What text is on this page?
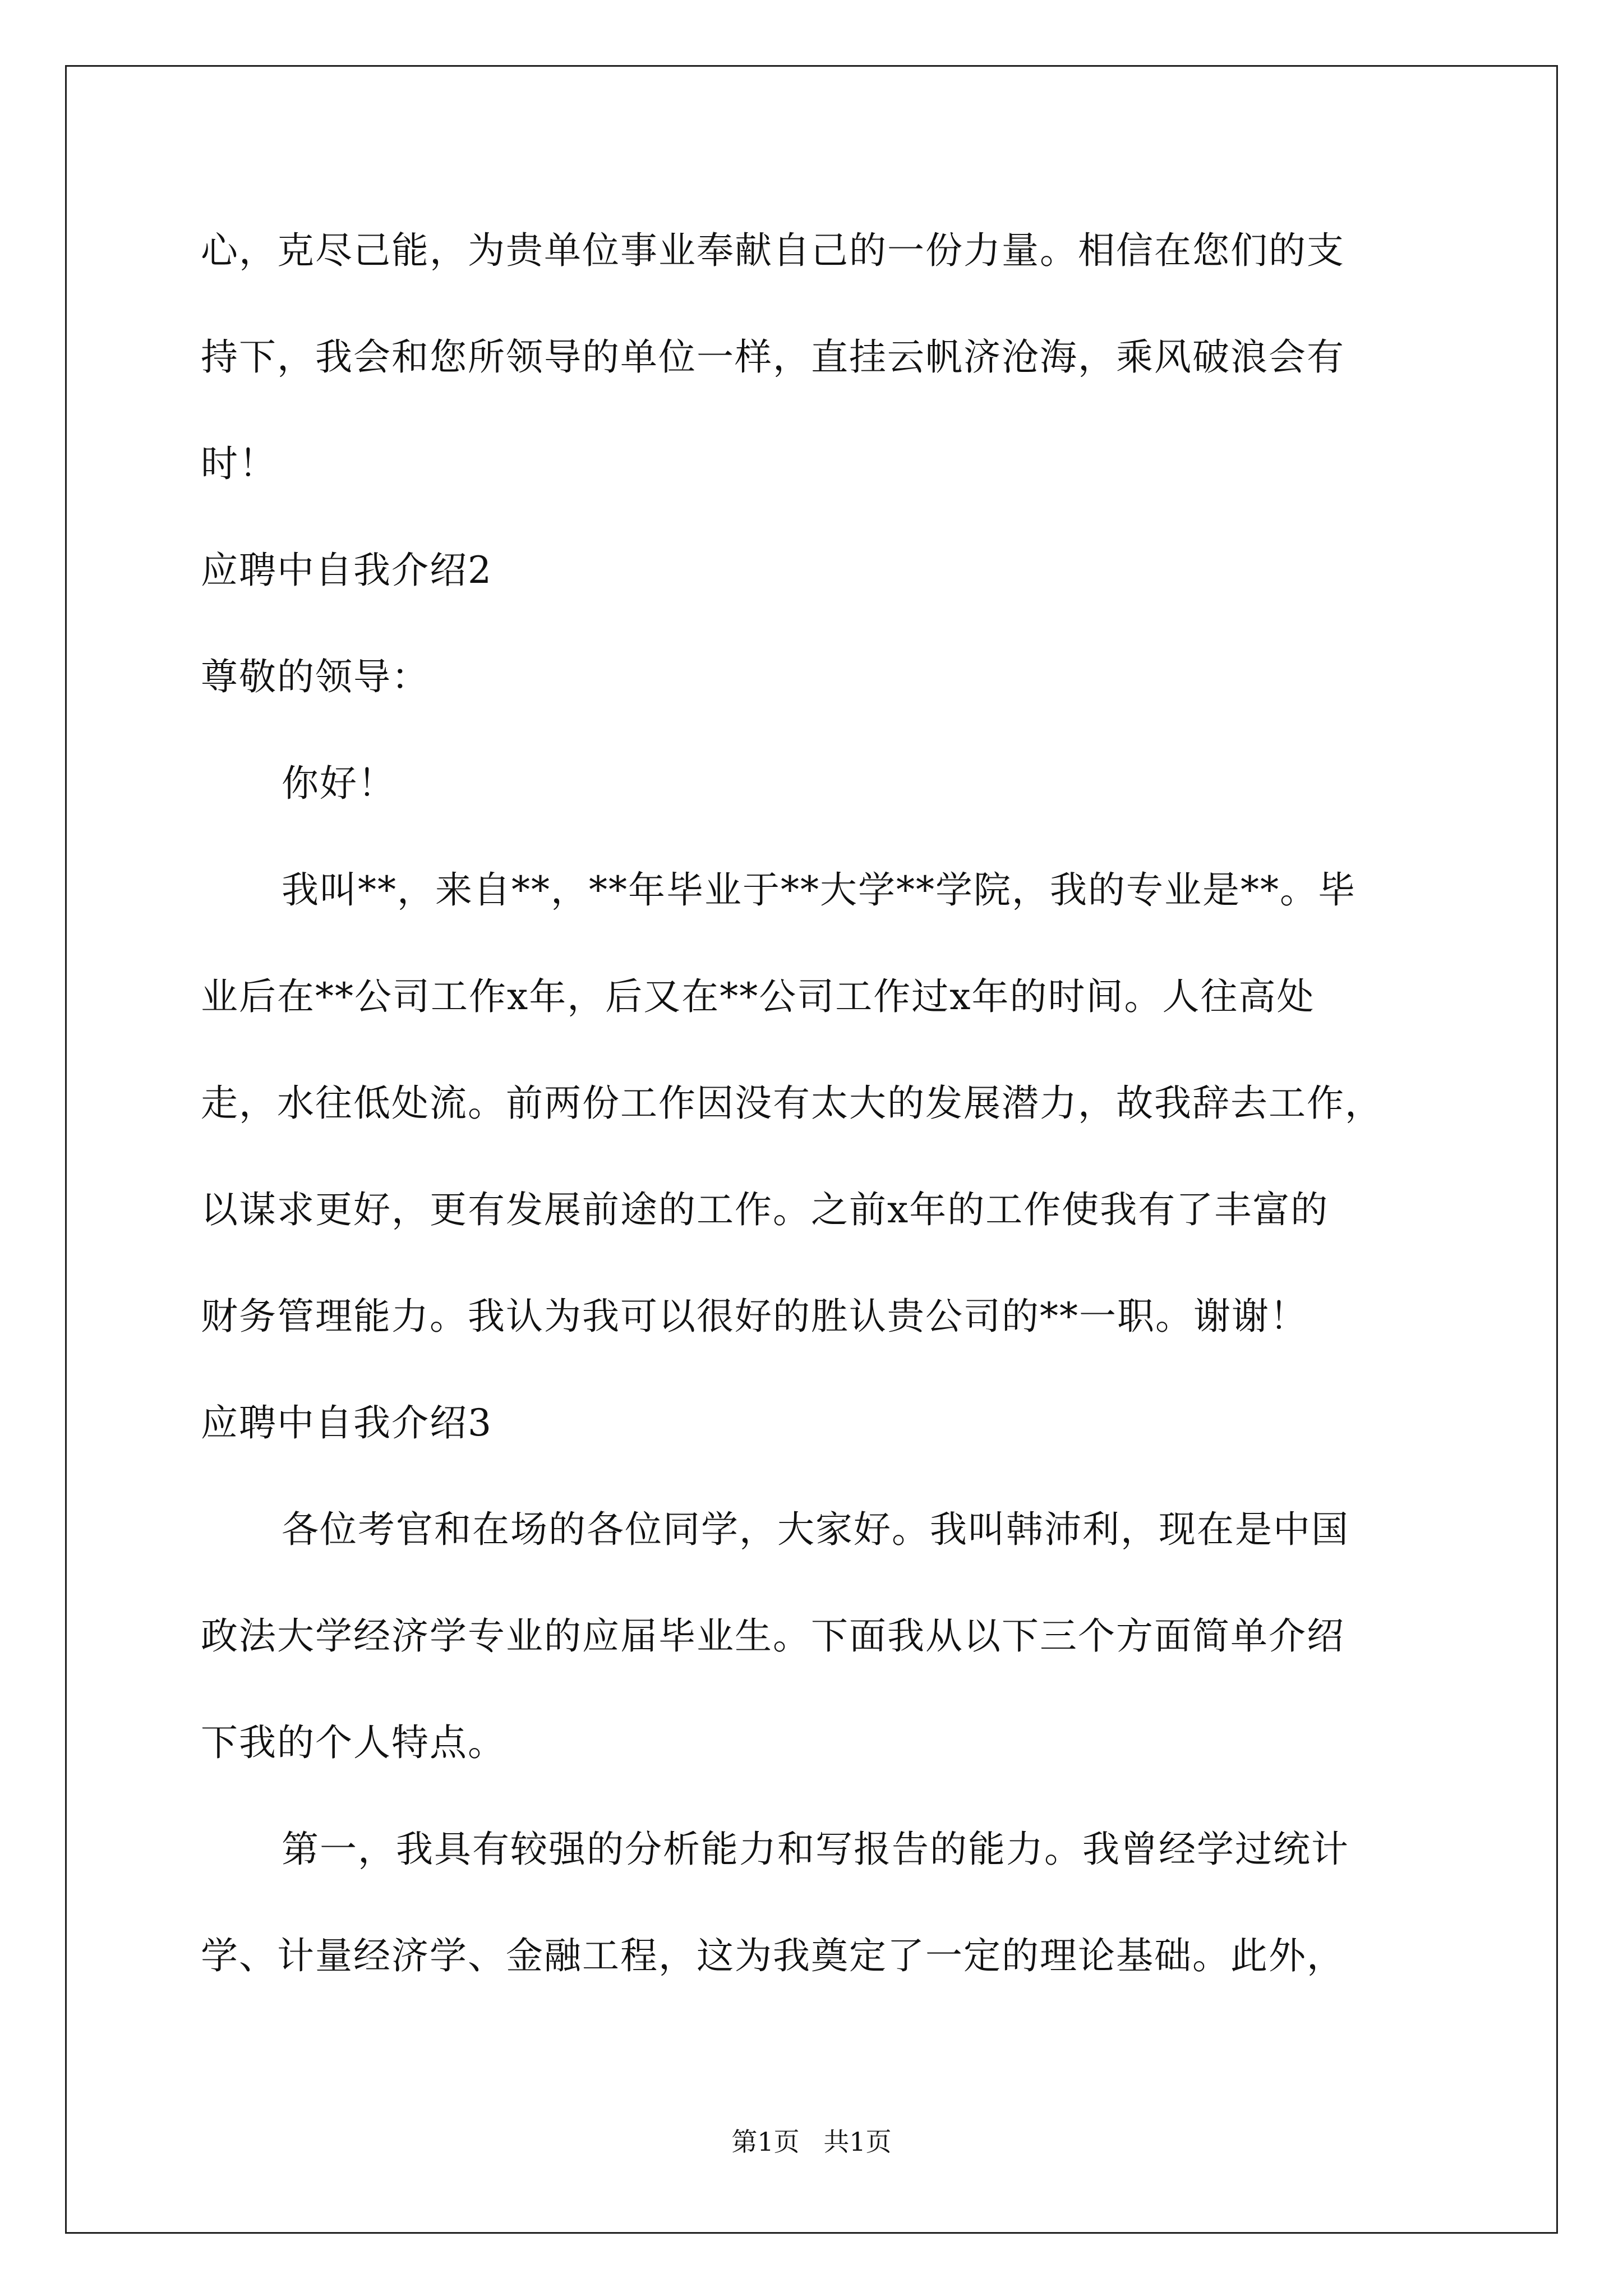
心，克尽己能，为贵单位事业奉献自己的一份力量。相信在您们的支
持下，我会和您所领导的单位一样，直挂云帆济沧海，乘风破浪会有
时！
应聘中自我介绍2
尊敬的领导：
你好！
我叫**，来自**，**年毕业于**大学**学院，我的专业是**。毕
业后在**公司工作x年，后又在**公司工作过x年的时间。人往高处
走，水往低处流。前两份工作因没有太大的发展潜力，故我辞去工作，
以谋求更好，更有发展前途的工作。之前x年的工作使我有了丰富的
财务管理能力。我认为我可以很好的胜认贵公司的**一职。谢谢！
应聘中自我介绍3
各位考官和在场的各位同学，大家好。我叫韩沛利，现在是中国
政法大学经济学专业的应届毕业生。下面我从以下三个方面简单介绍
下我的个人特点。
第一，我具有较强的分析能力和写报告的能力。我曾经学过统计
学、计量经济学、金融工程，这为我奠定了一定的理论基础。此外，
第1页 共1页
